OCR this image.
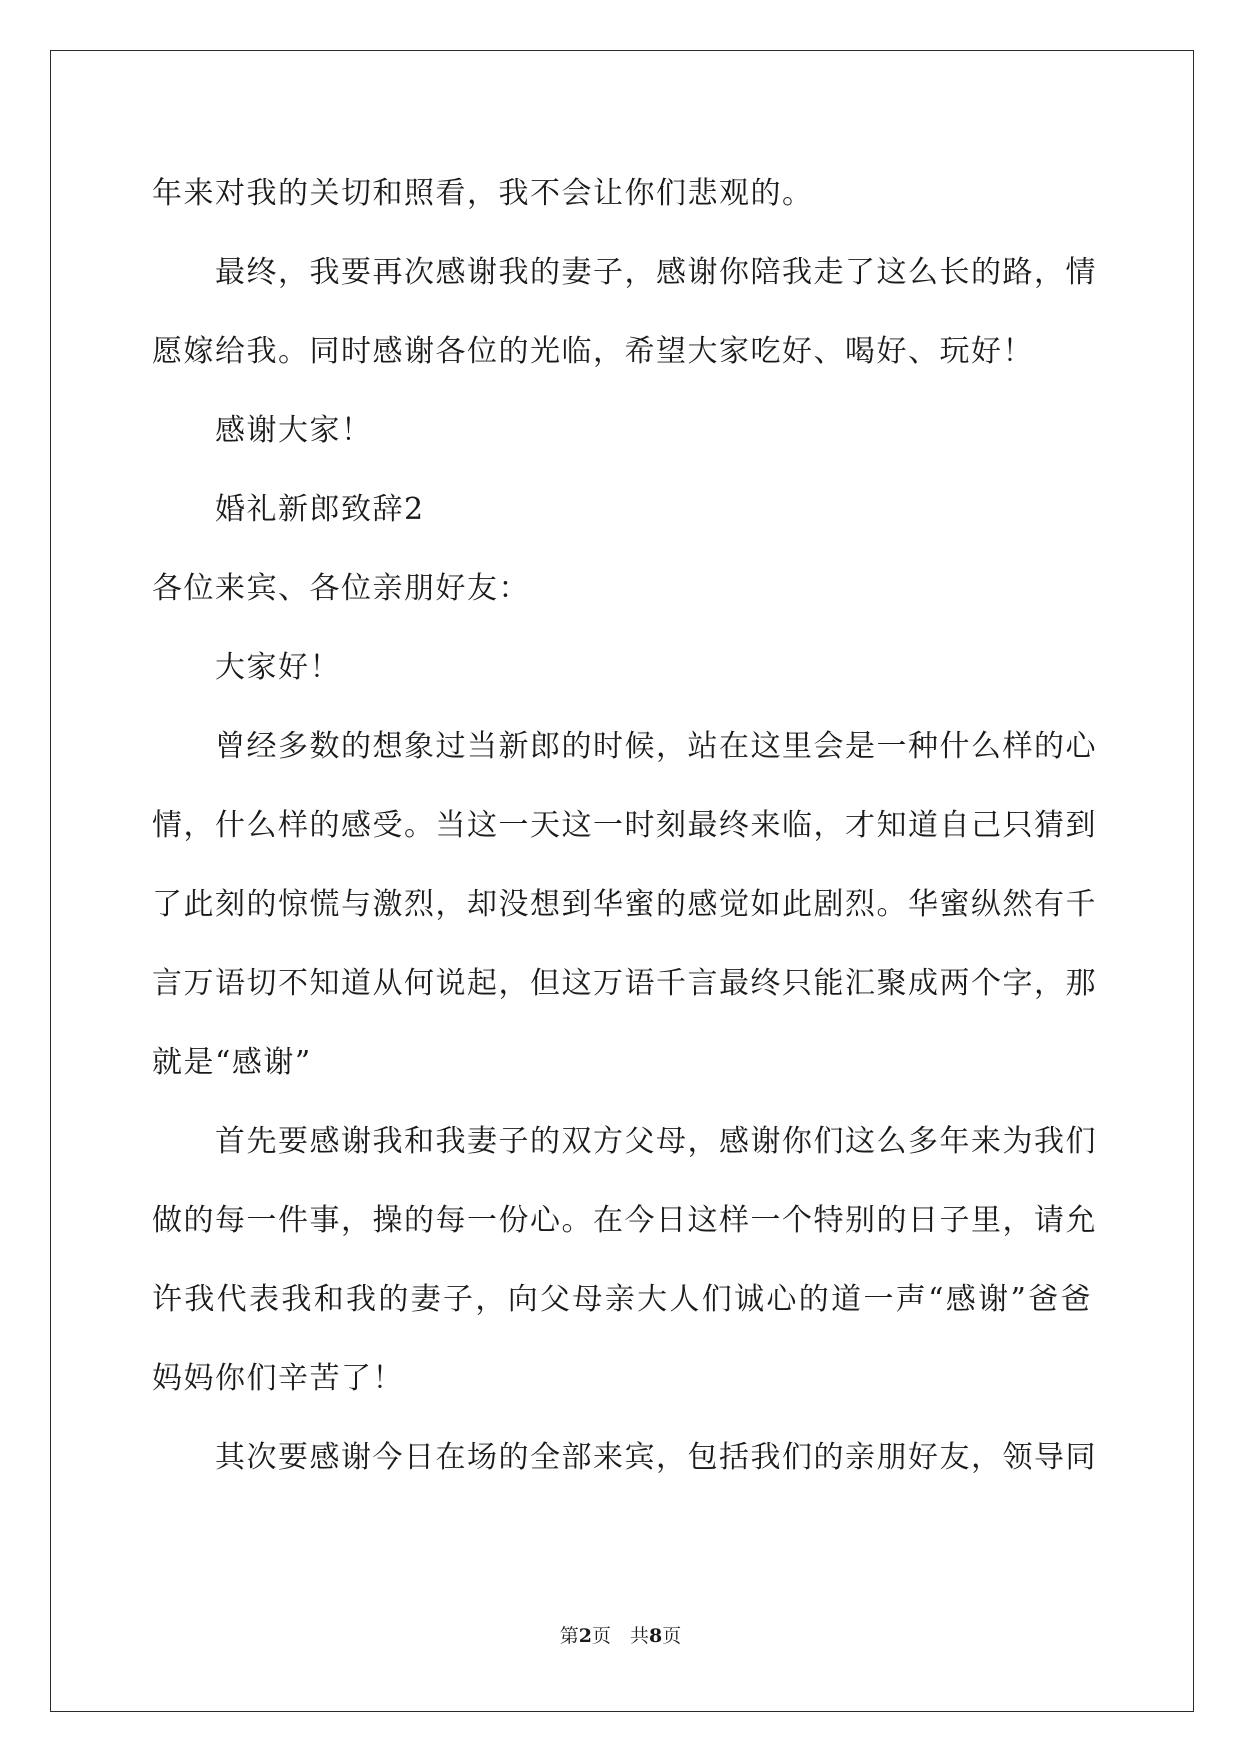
年来对我的关切和照看，我不会让你们悲观的。
最终，我要再次感谢我的妻子，感谢你陪我走了这么长的路，情
愿嫁给我。同时感谢各位的光临，希望大家吃好、喝好、玩好！
感谢大家！
婚礼新郎致辞2
各位来宾、各位亲朋好友：
大家好！
曾经多数的想象过当新郎的时候，站在这里会是一种什么样的心
情，什么样的感受。当这一天这一时刻最终来临，才知道自己只猜到
了此刻的惊慌与激烈，却没想到华蜜的感觉如此剧烈。华蜜纵然有千
言万语切不知道从何说起，但这万语千言最终只能汇聚成两个字，那
就是“感谢”
首先要感谢我和我妻子的双方父母，感谢你们这么多年来为我们
做的每一件事，操的每一份心。在今日这样一个特别的日子里，请允
许我代表我和我的妻子，向父母亲大人们诚心的道一声“感谢”爸爸
妈妈你们辛苦了！
其次要感谢今日在场的全部来宾，包括我们的亲朋好友，领导同
第2页　共8页
